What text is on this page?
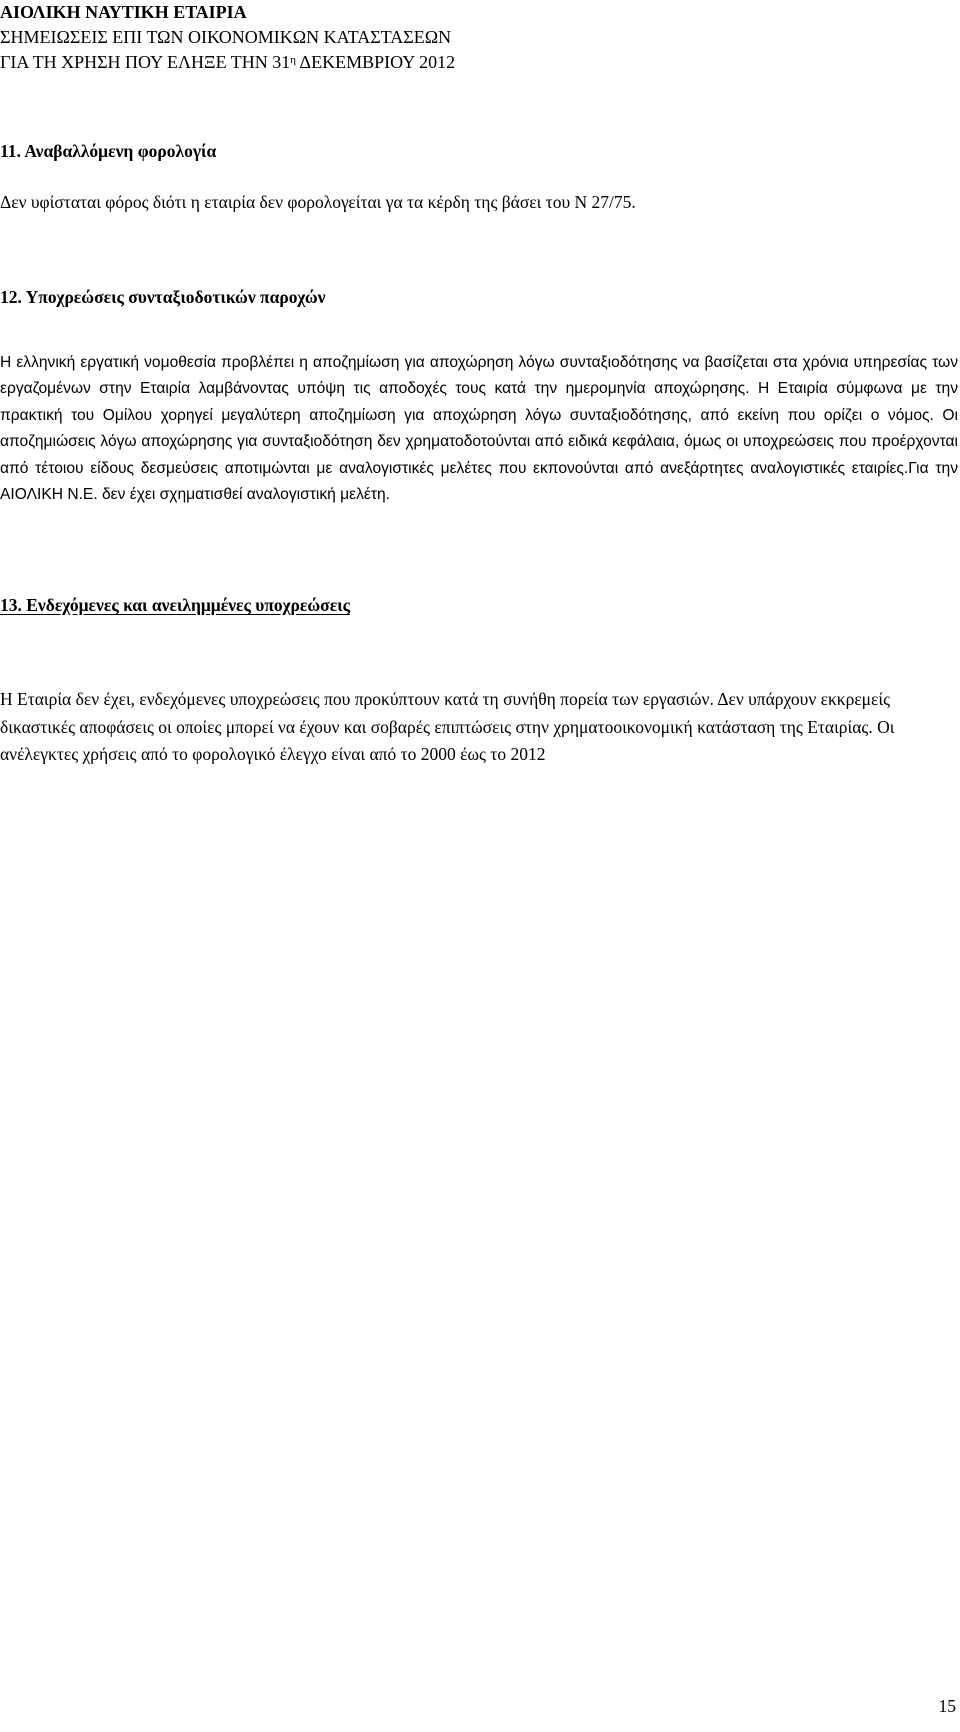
ΑΙΟΛΙΚΗ ΝΑΥΤΙΚΗ ΕΤΑΙΡΙΑ
ΣΗΜΕΙΩΣΕΙΣ ΕΠΙ ΤΩΝ ΟΙΚΟΝΟΜΙΚΩΝ ΚΑΤΑΣΤΑΣΕΩΝ
ΓΙΑ ΤΗ ΧΡΗΣΗ ΠΟΥ ΕΛΗΞΕ ΤΗΝ $31^\eta$ ΔΕΚΕΜΒΡΙΟΥ 2012
11. Αναβαλλόμενη φορολογία
Δεν υφίσταται φόρος διότι η εταιρία δεν φορολογείται γα τα κέρδη της βάσει του Ν 27/75.
12. Υποχρεώσεις συνταξιοδοτικών παροχών
Η ελληνική εργατική νομοθεσία προβλέπει η αποζημίωση για αποχώρηση λόγω συνταξιοδότησης να βασίζεται στα χρόνια υπηρεσίας των εργαζομένων στην Εταιρία λαμβάνοντας υπόψη τις αποδοχές τους κατά την ημερομηνία αποχώρησης. Η Εταιρία σύμφωνα με την πρακτική του Ομίλου χορηγεί μεγαλύτερη αποζημίωση για αποχώρηση λόγω συνταξιοδότησης, από εκείνη που ορίζει ο νόμος. Οι αποζημιώσεις λόγω αποχώρησης για συνταξιοδότηση δεν χρηματοδοτούνται από ειδικά κεφάλαια, όμως οι υποχρεώσεις που προέρχονται από τέτοιου είδους δεσμεύσεις αποτιμώνται με αναλογιστικές μελέτες που εκπονούνται από ανεξάρτητες αναλογιστικές εταιρίες.Για την ΑΙΟΛΙΚΗ Ν.Ε. δεν έχει σχηματισθεί αναλογιστική μελέτη.
13. Ενδεχόμενες και ανειλημμένες υποχρεώσεις
Η Εταιρία δεν έχει, ενδεχόμενες υποχρεώσεις που προκύπτουν κατά τη συνήθη πορεία των εργασιών. Δεν υπάρχουν εκκρεμείς δικαστικές αποφάσεις οι οποίες μπορεί να έχουν και σοβαρές επιπτώσεις στην χρηματοοικονομική κατάσταση της Εταιρίας. Οι ανέλεγκτες χρήσεις από το φορολογικό έλεγχο είναι από το 2000 έως το 2012
15
